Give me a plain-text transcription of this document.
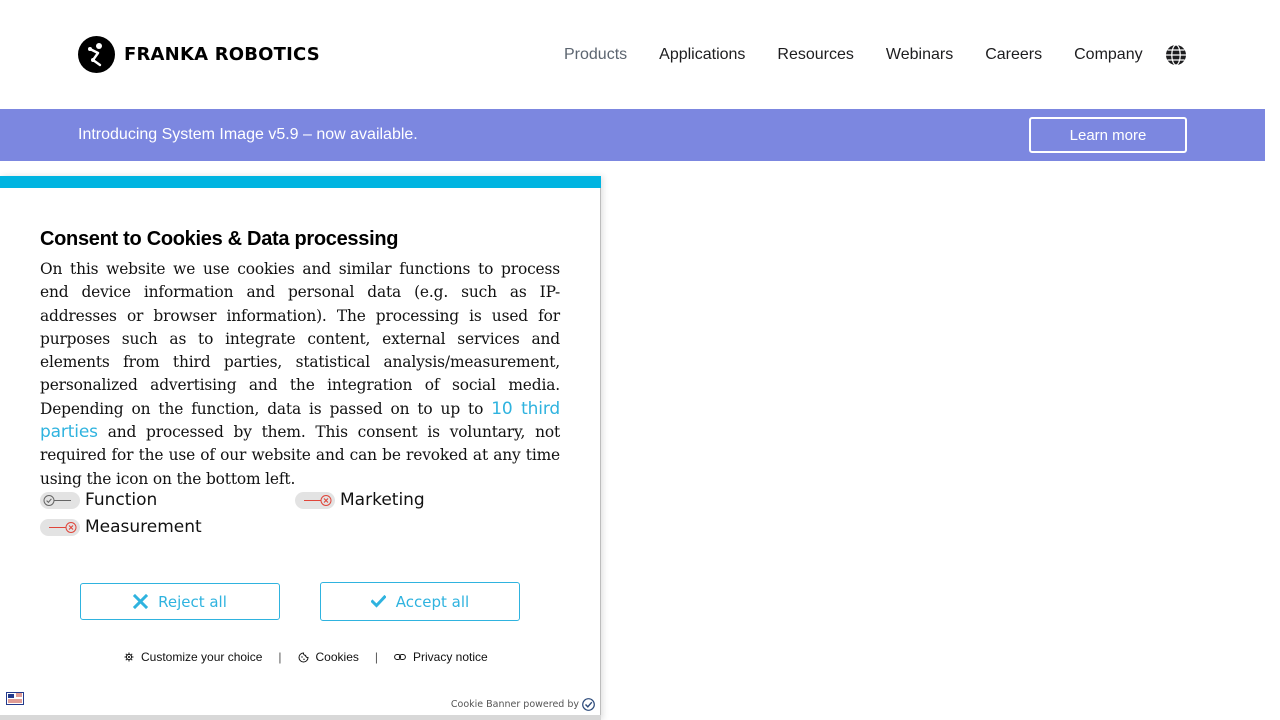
FRANKA ROBOTICS	Products Applications Resources Webinars Careers Company
Introducing System Image v5.9 – now available.	Learn more
Consent to Cookies & Data processing
On this website we use cookies and similar functions to process end device information and personal data (e.g. such as IP-addresses or browser information). The processing is used for purposes such as to integrate content, external services and elements from third parties, statistical analysis/measurement, personalized advertising and the integration of social media. Depending on the function, data is passed on to up to 10 third parties and processed by them. This consent is voluntary, not required for the use of our website and can be revoked at any time using the icon on the bottom left.
Function	Marketing
Measurement
Reject all	Accept all
Customize your choice |	Cookies |	Privacy notice
Cookie Banner powered by
